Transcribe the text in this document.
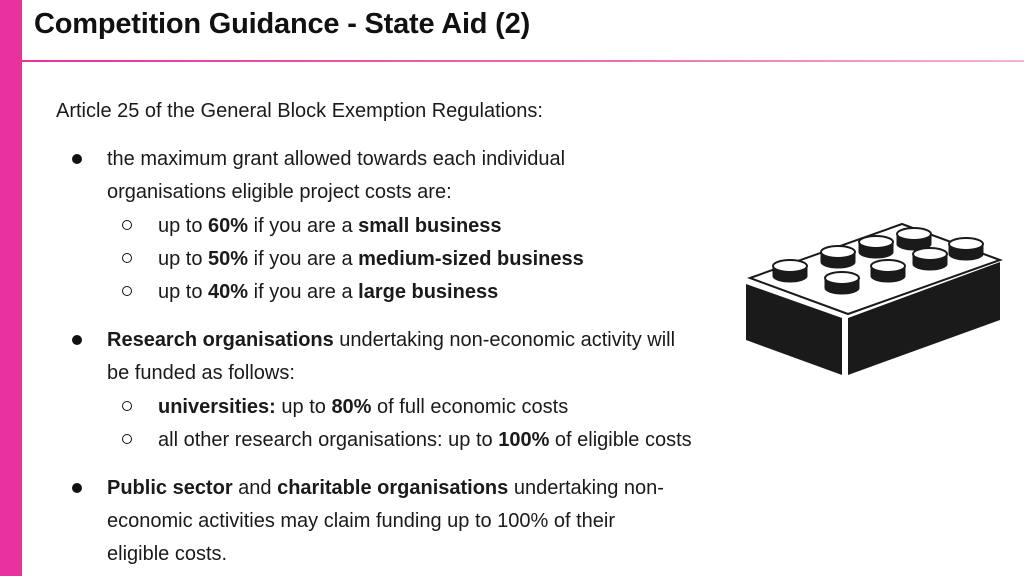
Competition Guidance - State Aid (2)
Article 25 of the General Block Exemption Regulations:
the maximum grant allowed towards each individual
organisations eligible project costs are:
up to 60% if you are a small business
up to 50% if you are a medium-sized business
up to 40% if you are a large business
Research organisations undertaking non-economic activity will
be funded as follows:
universities: up to 80% of full economic costs
all other research organisations: up to 100% of eligible costs
Public sector and charitable organisations undertaking non-
economic activities may claim funding up to 100% of their
eligible costs.
